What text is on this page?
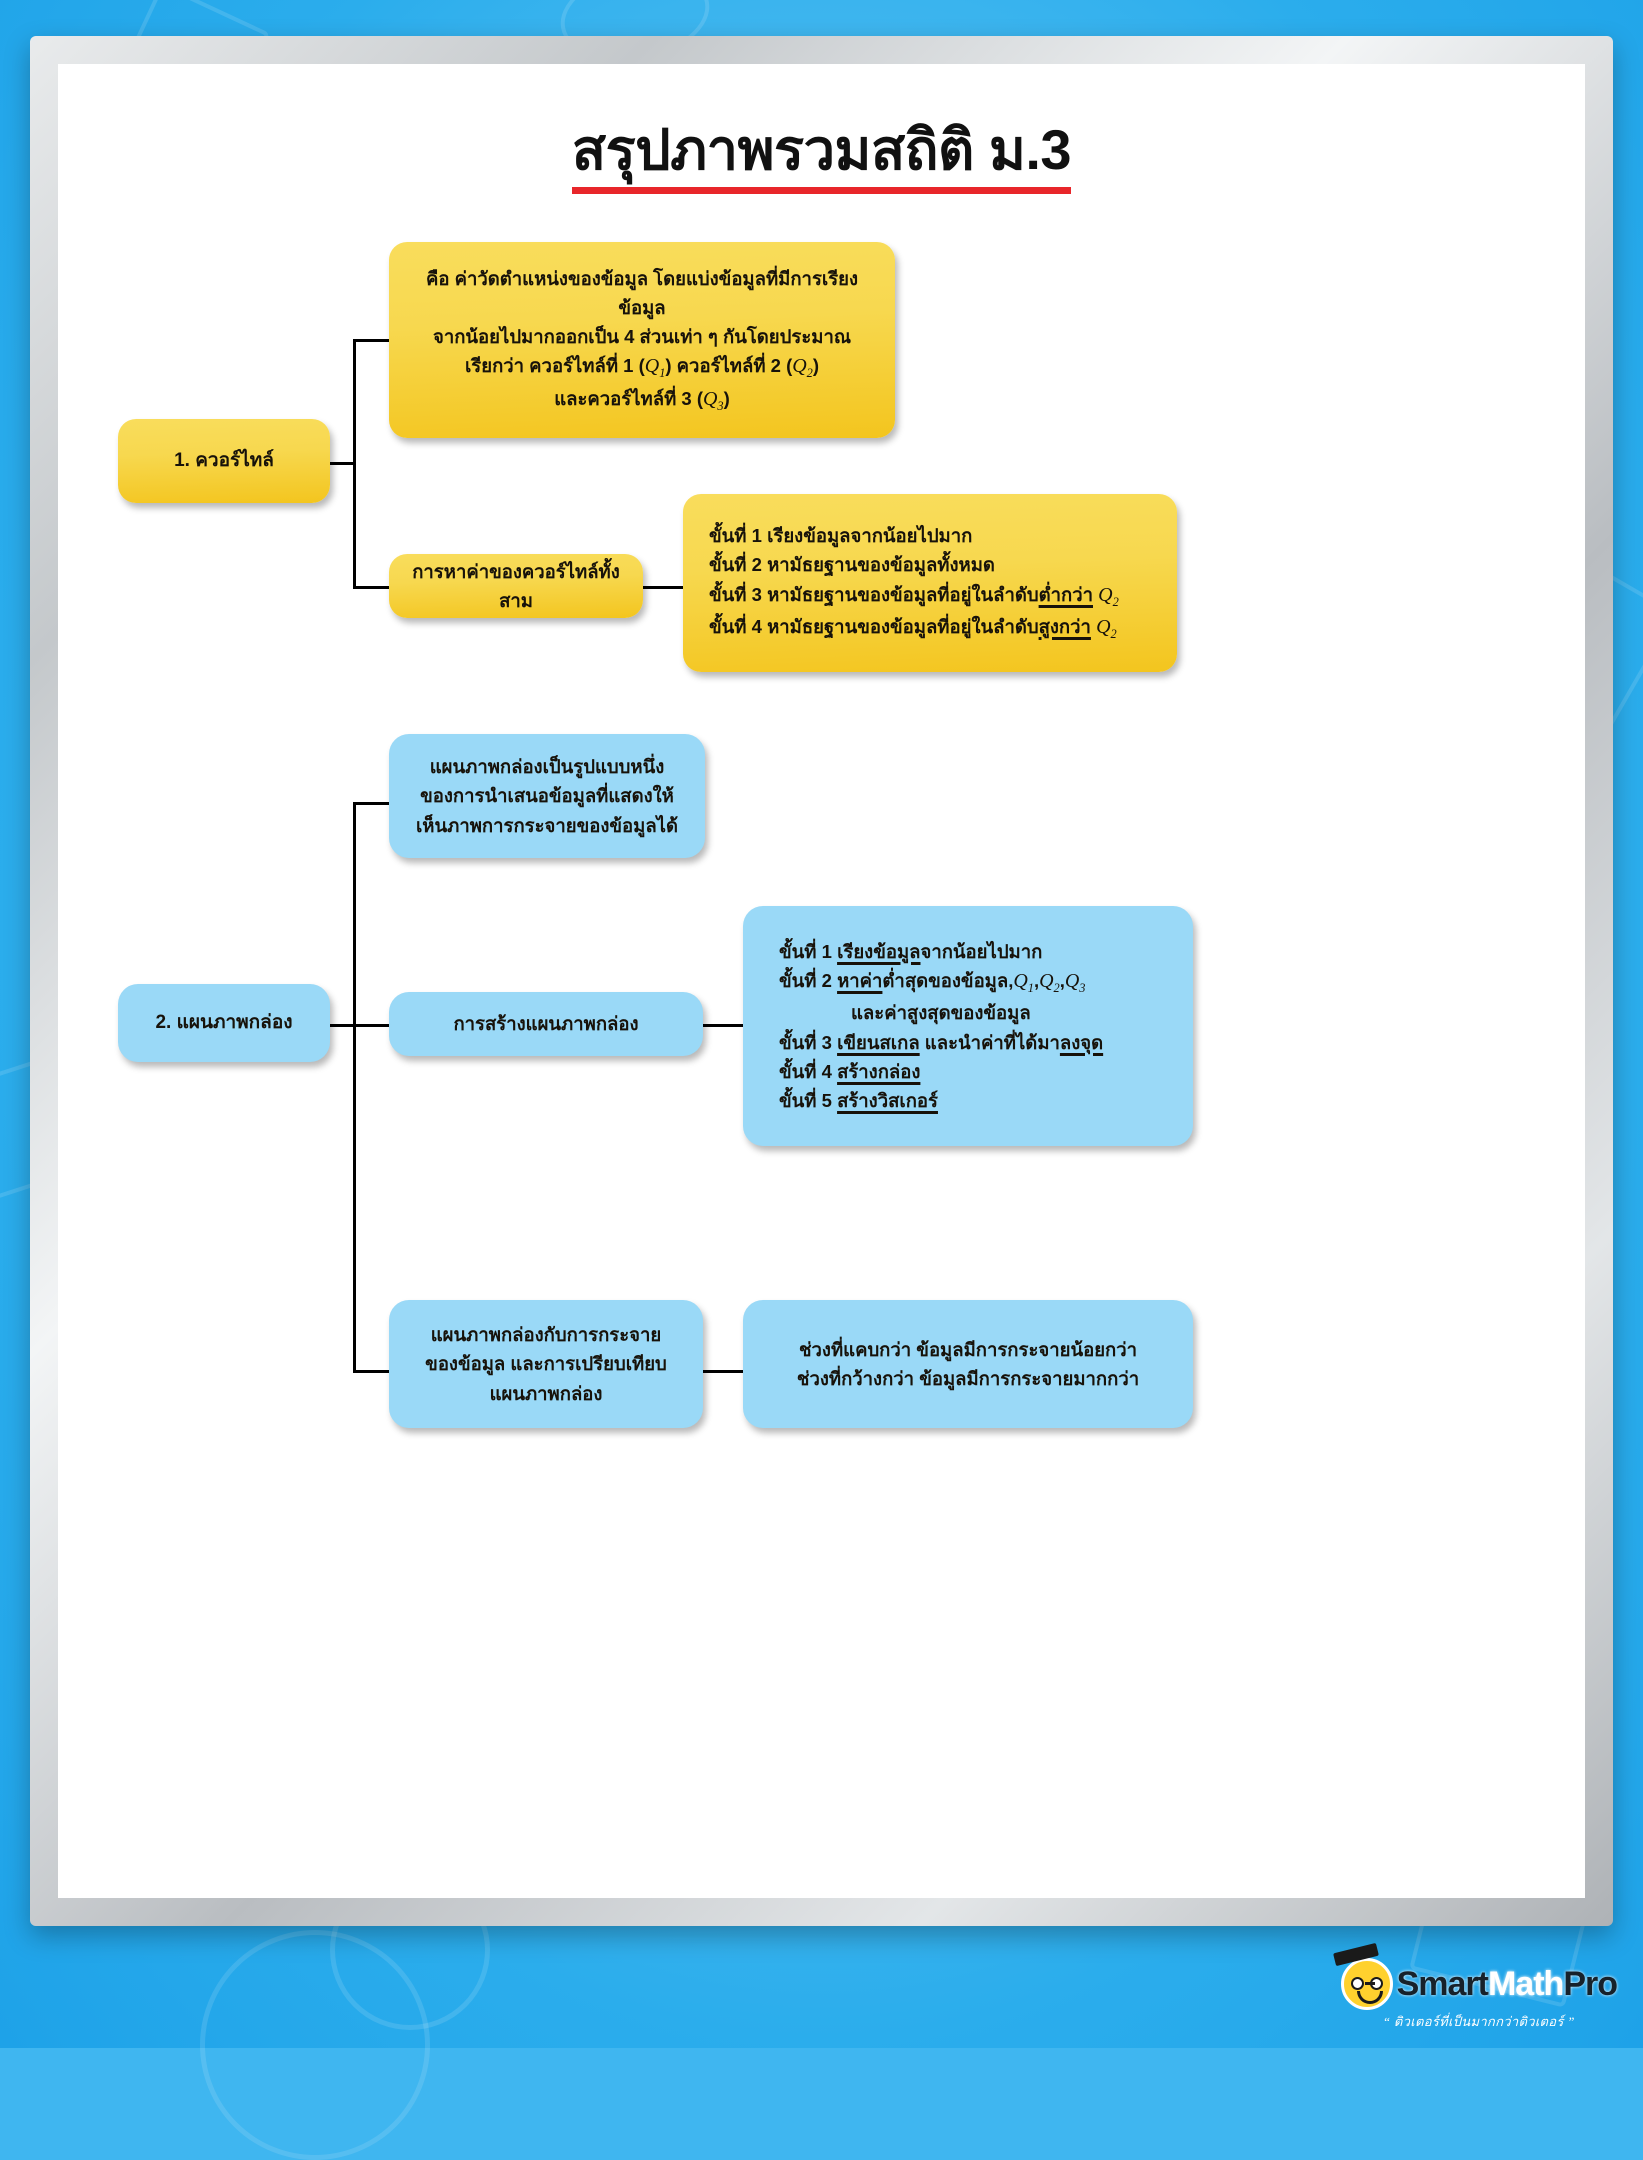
สรุปภาพรวมสถิติ ม.3
1. ควอร์ไทล์
คือ ค่าวัดตำแหน่งของข้อมูล โดยแบ่งข้อมูลที่มีการเรียงข้อมูล
จากน้อยไปมากออกเป็น 4 ส่วนเท่า ๆ กันโดยประมาณ
เรียกว่า ควอร์ไทล์ที่ 1 $(Q_1)$ ควอร์ไทล์ที่ 2 $(Q_2)$
และควอร์ไทล์ที่ 3 $(Q_3)$
การหาค่าของควอร์ไทล์ทั้งสาม
ขั้นที่ 1 เรียงข้อมูลจากน้อยไปมาก
ขั้นที่ 2 หามัธยฐานของข้อมูลทั้งหมด
ขั้นที่ 3 หามัธยฐานของข้อมูลที่อยู่ในลำดับต่ำกว่า $Q_2$
ขั้นที่ 4 หามัธยฐานของข้อมูลที่อยู่ในลำดับสูงกว่า $Q_2$
2. แผนภาพกล่อง
แผนภาพกล่องเป็นรูปแบบหนึ่ง
ของการนำเสนอข้อมูลที่แสดงให้
เห็นภาพการกระจายของข้อมูลได้
การสร้างแผนภาพกล่อง
ขั้นที่ 1 เรียงข้อมูลจากน้อยไปมาก
ขั้นที่ 2 หาค่าต่ำสุดของข้อมูล$,Q_1,Q_2,Q_3$
และค่าสูงสุดของข้อมูล
ขั้นที่ 3 เขียนสเกล และนำค่าที่ได้มาลงจุด
ขั้นที่ 4 สร้างกล่อง
ขั้นที่ 5 สร้างวิสเกอร์
แผนภาพกล่องกับการกระจาย
ของข้อมูล และการเปรียบเทียบ
แผนภาพกล่อง
ช่วงที่แคบกว่า ข้อมูลมีการกระจายน้อยกว่า
ช่วงที่กว้างกว่า ข้อมูลมีการกระจายมากกว่า
SmartMathPro
“ ติวเตอร์ที่เป็นมากกว่าติวเตอร์ ”
